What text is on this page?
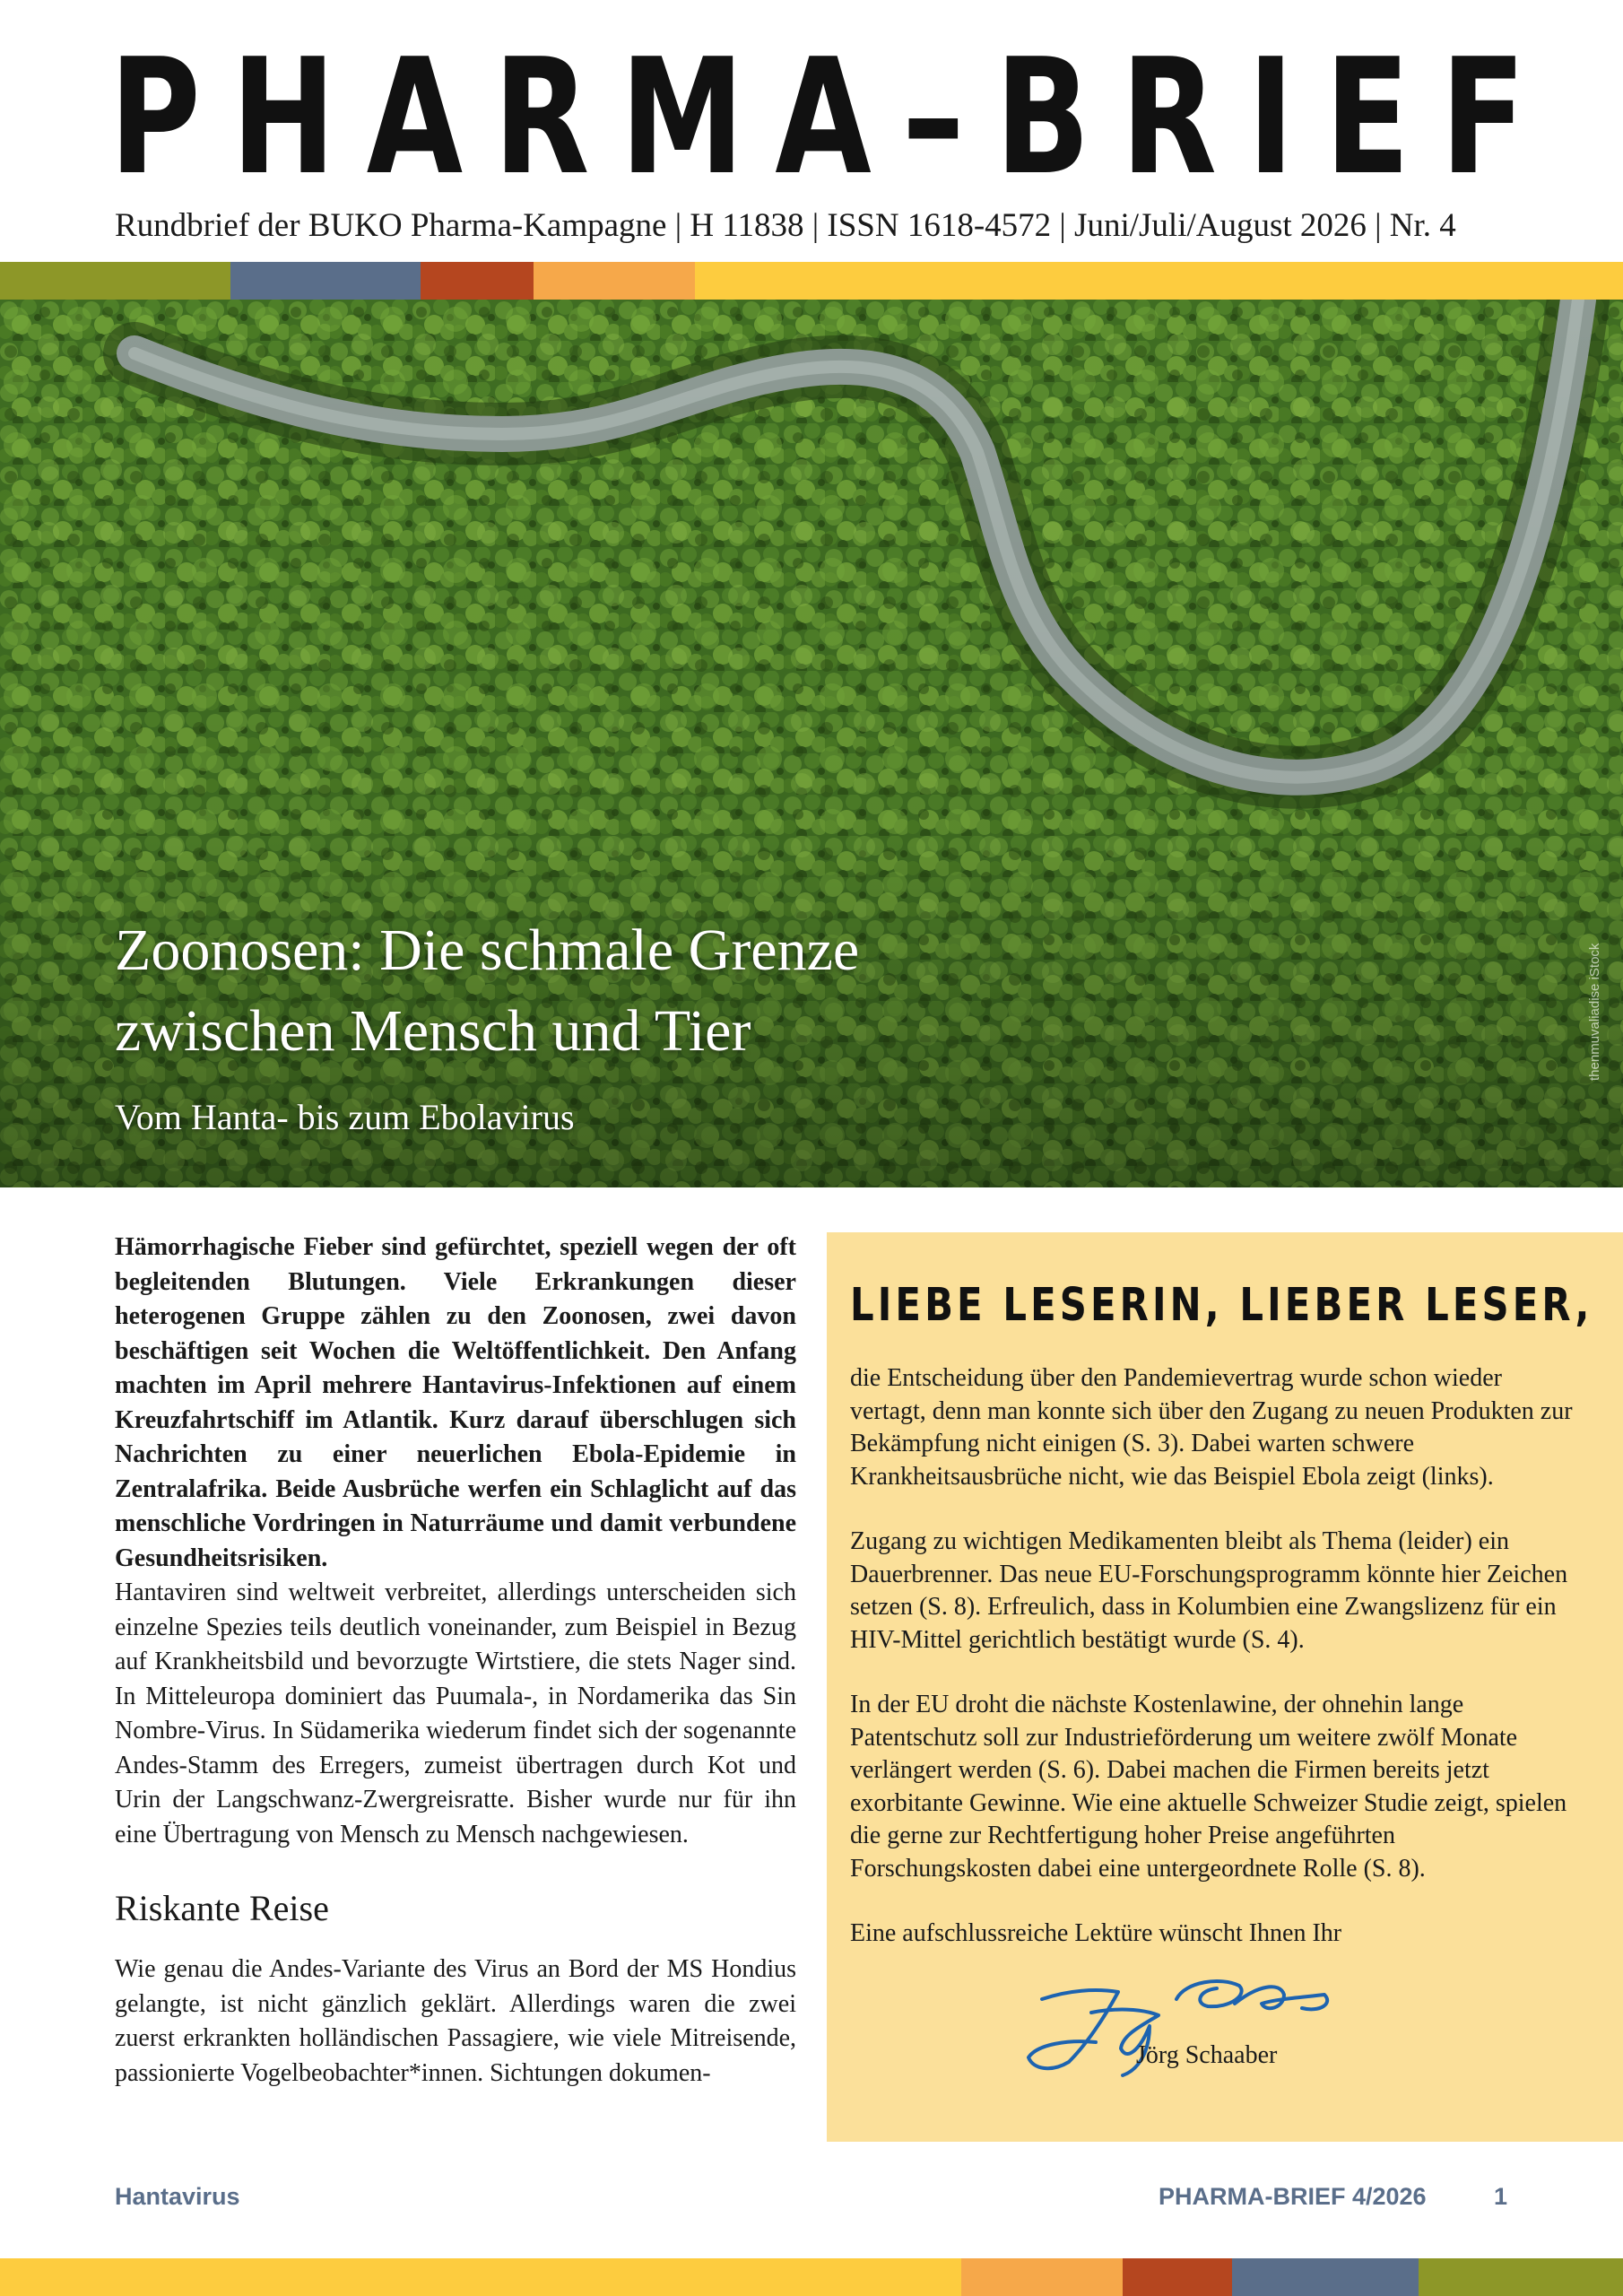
P H A R M A – B R I E F
Rundbrief der BUKO Pharma-Kampagne | H 11838 | ISSN 1618-4572 | Juni/Juli/August 2026 | Nr. 4
Zoonosen: Die schmale Grenze
zwischen Mensch und Tier
Vom Hanta- bis zum Ebolavirus
thenmuvaliadise iStock

Hämorrhagische Fieber sind gefürchtet, speziell wegen der oft begleitenden Blutungen. Viele Erkrankungen dieser heterogenen Gruppe zählen zu den Zoonosen, zwei davon beschäftigen seit Wochen die Weltöffentlichkeit. Den Anfang machten im April mehrere Hantavirus-Infektionen auf einem Kreuzfahrtschiff im Atlantik. Kurz darauf überschlugen sich Nachrichten zu einer neuerlichen Ebola-Epidemie in Zentralafrika. Beide Ausbrüche werfen ein Schlaglicht auf das menschliche Vordringen in Naturräume und damit verbundene Gesundheitsrisiken.

Hantaviren sind weltweit verbreitet, allerdings unterscheiden sich einzelne Spezies teils deutlich voneinander, zum Beispiel in Bezug auf Krankheitsbild und bevorzugte Wirtstiere, die stets Nager sind. In Mitteleuropa dominiert das Puumala-, in Nordamerika das Sin Nombre-Virus. In Südamerika wiederum findet sich der sogenannte Andes-Stamm des Erregers, zumeist übertragen durch Kot und Urin der Langschwanz-Zwergreisratte. Bisher wurde nur für ihn eine Übertragung von Mensch zu Mensch nachgewiesen.

Riskante Reise

Wie genau die Andes-Variante des Virus an Bord der MS Hondius gelangte, ist nicht gänzlich geklärt. Allerdings waren die zwei zuerst erkrankten holländischen Passagiere, wie viele Mitreisende, passionierte Vogelbeobachter*innen. Sichtungen dokumen-

LIEBE LESERIN, LIEBER LESER,

die Entscheidung über den Pandemievertrag wurde schon wieder vertagt, denn man konnte sich über den Zugang zu neuen Produkten zur Bekämpfung nicht einigen (S. 3). Dabei warten schwere Krankheitsausbrüche nicht, wie das Beispiel Ebola zeigt (links).

Zugang zu wichtigen Medikamenten bleibt als Thema (leider) ein Dauerbrenner. Das neue EU-Forschungsprogramm könnte hier Zeichen setzen (S. 8). Erfreulich, dass in Kolumbien eine Zwangslizenz für ein HIV-Mittel gerichtlich bestätigt wurde (S. 4).

In der EU droht die nächste Kostenlawine, der ohnehin lange Patentschutz soll zur Industrieförderung um weitere zwölf Monate verlängert werden (S. 6). Dabei machen die Firmen bereits jetzt exorbitante Gewinne. Wie eine aktuelle Schweizer Studie zeigt, spielen die gerne zur Rechtfertigung hoher Preise angeführten Forschungskosten dabei eine untergeordnete Rolle (S. 8).

Eine aufschlussreiche Lektüre wünscht Ihnen Ihr

Jörg Schaaber
Hantavirus	PHARMA-BRIEF 4/2026	1
